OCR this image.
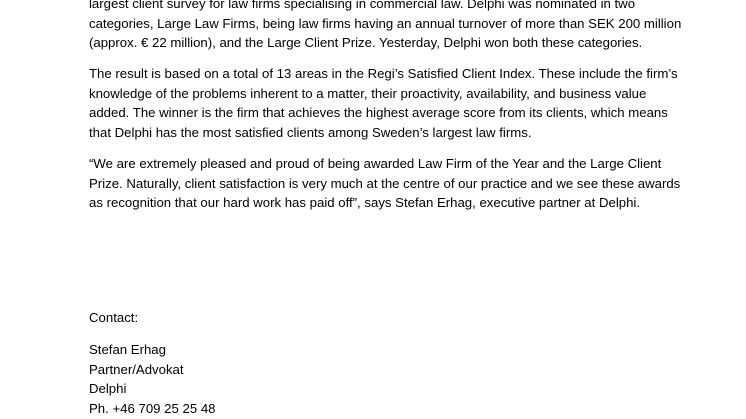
largest client survey for law firms specialising in commercial law. Delphi was nominated in two
categories, Large Law Firms, being law firms having an annual turnover of more than SEK 200 million
(approx. € 22 million), and the Large Client Prize. Yesterday, Delphi won both these categories.

The result is based on a total of 13 areas in the Regi’s Satisfied Client Index. These include the firm’s
knowledge of the problems inherent to a matter, their proactivity, availability, and business value
added. The winner is the firm that achieves the highest average score from its clients, which means
that Delphi has the most satisfied clients among Sweden’s largest law firms.

“We are extremely pleased and proud of being awarded Law Firm of the Year and the Large Client
Prize. Naturally, client satisfaction is very much at the centre of our practice and we see these awards
as recognition that our hard work has paid off”, says Stefan Erhag, executive partner at Delphi.

Contact:

Stefan Erhag
Partner/Advokat
Delphi
Ph. +46 709 25 25 48
